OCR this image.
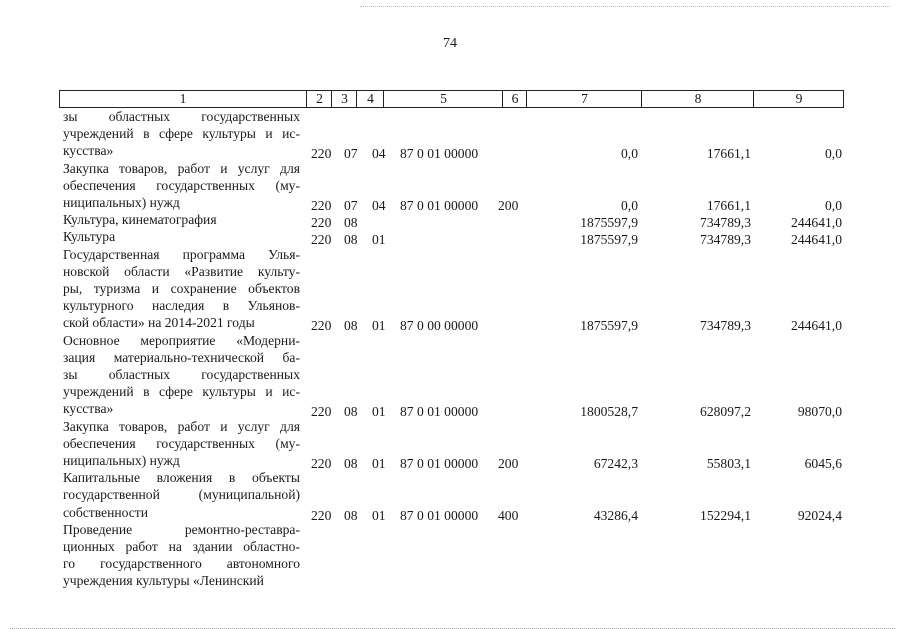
74
1	2	3	4	5	6	7	8	9
зы областных государственных
учреждений в сфере культуры и ис-
кусства»	220 07 04 87 0 01 00000	0,0	17661,1	0,0
Закупка товаров, работ и услуг для
обеспечения государственных (му-
ниципальных) нужд	220 07 04 87 0 01 00000 200	0,0	17661,1	0,0
Культура, кинематография	220 08	1875597,9	734789,3	244641,0
Культура	220 08 01	1875597,9	734789,3	244641,0
Государственная программа Улья-
новской области «Развитие культу-
ры, туризма и сохранение объектов
культурного наследия в Ульянов-
ской области» на 2014-2021 годы	220 08 01 87 0 00 00000	1875597,9	734789,3	244641,0
Основное мероприятие «Модерни-
зация материально-технической ба-
зы областных государственных
учреждений в сфере культуры и ис-
кусства»	220 08 01 87 0 01 00000	1800528,7	628097,2	98070,0
Закупка товаров, работ и услуг для
обеспечения государственных (му-
ниципальных) нужд	220 08 01 87 0 01 00000 200	67242,3	55803,1	6045,6
Капитальные вложения в объекты
государственной (муниципальной)
собственности	220 08 01 87 0 01 00000 400	43286,4	152294,1	92024,4
Проведение ремонтно-реставра-
ционных работ на здании областно-
го государственного автономного
учреждения культуры «Ленинский
